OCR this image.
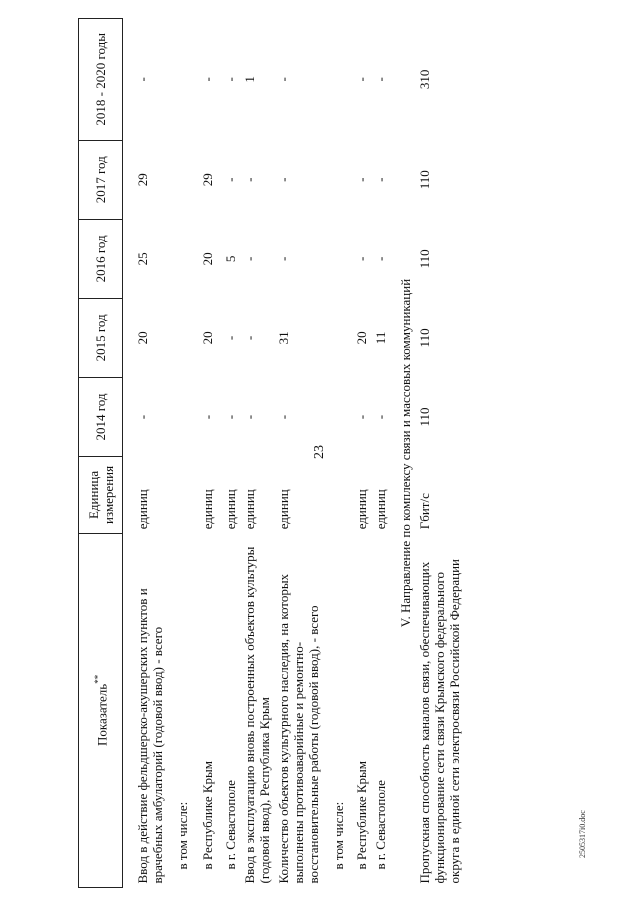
23
2505317i0.doc
Показатель**	Единица измерения	2014 год	2015 год	2016 год	2017 год	2018 - 2020 годы

Ввод в действие фельдшерско-акушерских пунктов и врачебных амбулаторий (годовой ввод) - всего	единиц	-	20	25	29	-
в том числе:						
в Республике Крым	единиц	-	20	20	29	-
в г. Севастополе	единиц	-	-	5	-	-
Ввод в эксплуатацию вновь построенных объектов культуры (годовой ввод), Республика Крым	единиц	-	-	-	-	1
Количество объектов культурного наследия, на которых выполнены противоаварийные и ремонтно-восстановительные работы (годовой ввод), - всего	единиц	-	31	-	-	-
в том числе:						
в Республике Крым	единиц	-	20	-	-	-
в г. Севастополе	единиц	-	11	-	-	-
V. Направление по комплексу связи и массовых коммуникаций						
Пропускная способность каналов связи, обеспечивающих функционирование сети связи Крымского федерального округа в единой сети электросвязи Российской Федерации	Гбит/с	110	110	110	110	310
